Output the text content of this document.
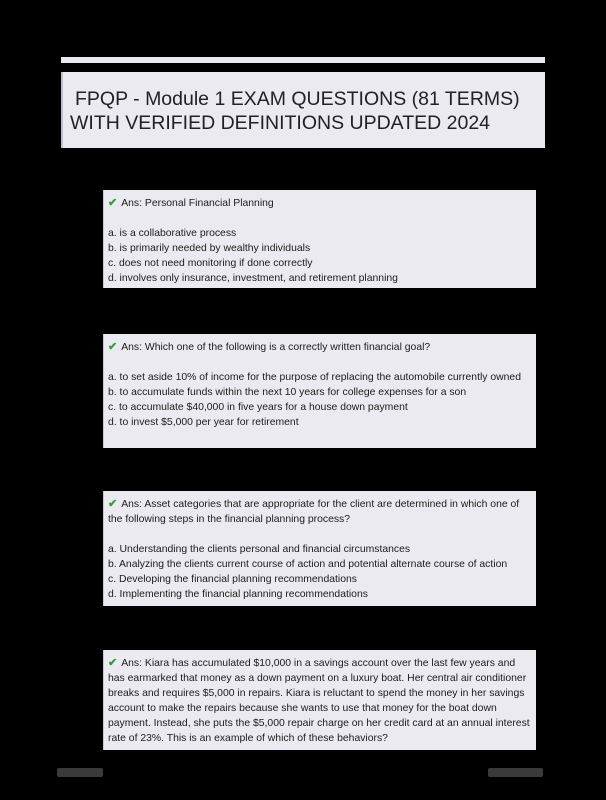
FPQP - Module 1 EXAM QUESTIONS (81 TERMS)
WITH VERIFIED DEFINITIONS UPDATED 2024
✔ Ans: Personal Financial Planning
a. is a collaborative process
b. is primarily needed by wealthy individuals
c. does not need monitoring if done correctly
d. involves only insurance, investment, and retirement planning
✔ Ans: Which one of the following is a correctly written financial goal?
a. to set aside 10% of income for the purpose of replacing the automobile currently owned
b. to accumulate funds within the next 10 years for college expenses for a son
c. to accumulate $40,000 in five years for a house down payment
d. to invest $5,000 per year for retirement
✔ Ans: Asset categories that are appropriate for the client are determined in which one of the following steps in the financial planning process?
a. Understanding the clients personal and financial circumstances
b. Analyzing the clients current course of action and potential alternate course of action
c. Developing the financial planning recommendations
d. Implementing the financial planning recommendations
✔ Ans: Kiara has accumulated $10,000 in a savings account over the last few years and has earmarked that money as a down payment on a luxury boat. Her central air conditioner breaks and requires $5,000 in repairs. Kiara is reluctant to spend the money in her savings account to make the repairs because she wants to use that money for the boat down payment. Instead, she puts the $5,000 repair charge on her credit card at an annual interest rate of 23%. This is an example of which of these behaviors?
